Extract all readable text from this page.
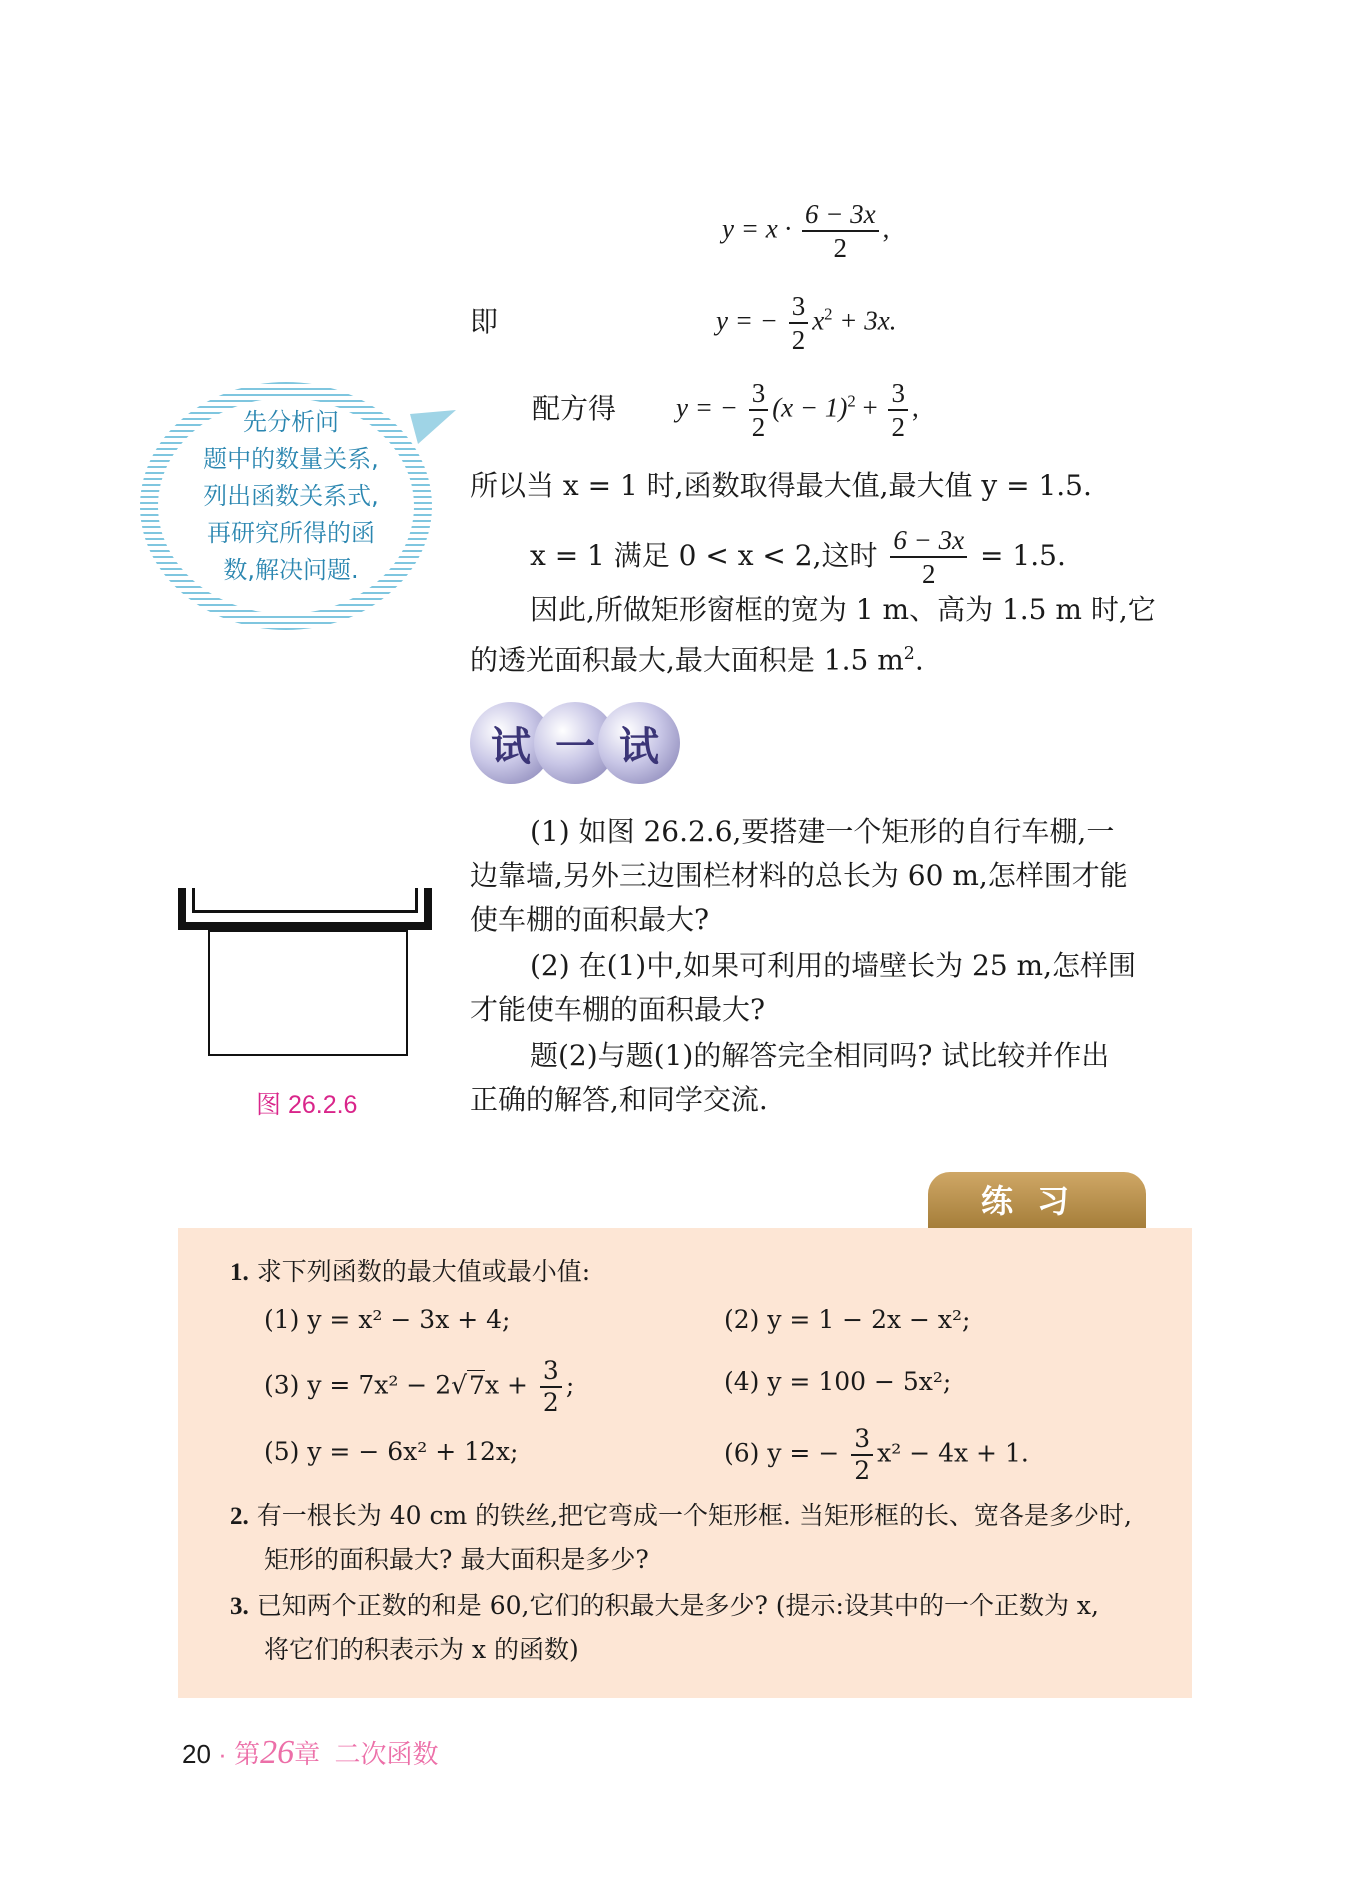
$y = x \cdot \frac{6 - 3x}{2}$ ,
即	y = − $\frac{3}{2} x^2 + 3x$.
配方得 y = − $\frac{3}{2} (x - 1)^2 + \frac{3}{2}$ ,
先分析问
题中的数量关系,
列出函数关系式,
再研究所得的函
数,解决问题.
所以当 x = 1 时,函数取得最大值,最大值 y = 1.5.
x = 1 满足 0 < x < 2,这时 $\frac{6 - 3x}{2} = 1.5$.
因此,所做矩形窗框的宽为 1 m、高为 1.5 m 时,它
的透光面积最大,最大面积是 1.5 $m^2$.
试 一 试
(1) 如图 26.2.6,要搭建一个矩形的自行车棚,一
边靠墙,另外三边围栏材料的总长为 60 m,怎样围才能
使车棚的面积最大?
(2) 在(1)中,如果可利用的墙壁长为 25 m,怎样围
才能使车棚的面积最大?
题(2)与题(1)的解答完全相同吗? 试比较并作出
正确的解答,和同学交流.
图 26.2.6
练习
1. 求下列函数的最大值或最小值:
(1) y = x² − 3x + 4;	(2) y = 1 − 2x − x²;
(3) $y = 7x^2 - 2√7x + \frac{3}{2}$ ;	(4) y = 100 − 5x²;
(5) y = − 6x² + 12x;	(6) y = − $\frac{3}{2} x^2 - 4x + 1$.
2. 有一根长为 40 cm 的铁丝,把它弯成一个矩形框. 当矩形框的长、宽各是多少时,
矩形的面积最大? 最大面积是多少?
3. 已知两个正数的和是 60,它们的积最大是多少? (提示:设其中的一个正数为 x,
将它们的积表示为 x 的函数)
20 · 第26章 二次函数
